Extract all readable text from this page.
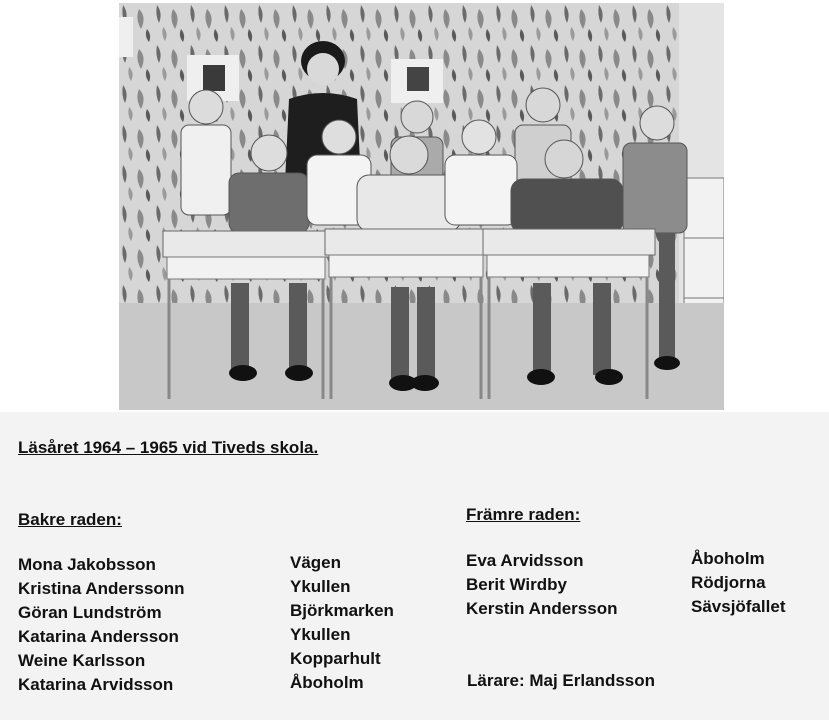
Läsåret 1964 – 1965 vid Tiveds skola.

Bakre raden:

Mona Jakobsson
Kristina Anderssonn
Göran Lundström
Katarina Andersson
Weine Karlsson
Katarina Arvidsson
Vägen
Ykullen
Björkmarken
Ykullen
Kopparhult
Åboholm

Främre raden:

Eva Arvidsson
Berit Wirdby
Kerstin Andersson
Åboholm
Rödjorna
Sävsjöfallet

Lärare: Maj Erlandsson
